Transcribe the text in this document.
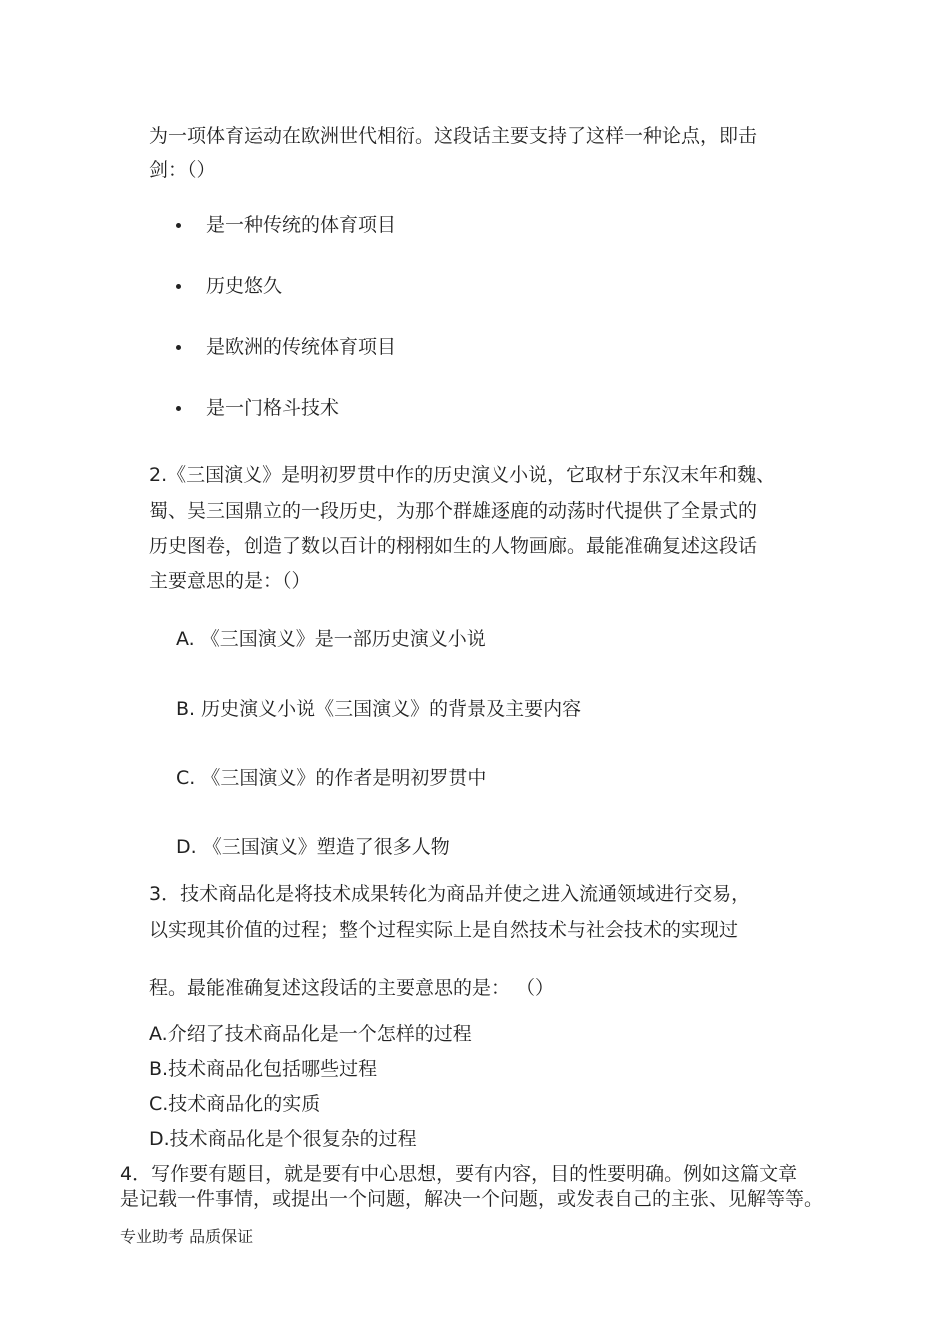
为一项体育运动在欧洲世代相衍。这段话主要支持了这样一种论点，即击
剑：（）
是一种传统的体育项目
历史悠久
是欧洲的传统体育项目
是一门格斗技术
2.《三国演义》是明初罗贯中作的历史演义小说，它取材于东汉末年和魏、
蜀、吴三国鼎立的一段历史，为那个群雄逐鹿的动荡时代提供了全景式的
历史图卷，创造了数以百计的栩栩如生的人物画廊。最能准确复述这段话
主要意思的是：（）
A. 《三国演义》是一部历史演义小说
B. 历史演义小说《三国演义》的背景及主要内容
C. 《三国演义》的作者是明初罗贯中
D. 《三国演义》塑造了很多人物
3．技术商品化是将技术成果转化为商品并使之进入流通领域进行交易，
以实现其价值的过程；整个过程实际上是自然技术与社会技术的实现过
程。最能准确复述这段话的主要意思的是： （）
A.介绍了技术商品化是一个怎样的过程
B.技术商品化包括哪些过程
C.技术商品化的实质
D.技术商品化是个很复杂的过程
4．写作要有题目，就是要有中心思想，要有内容，目的性要明确。例如这篇文章
是记载一件事情，或提出一个问题，解决一个问题，或发表自己的主张、见解等等。
专业助考 品质保证
